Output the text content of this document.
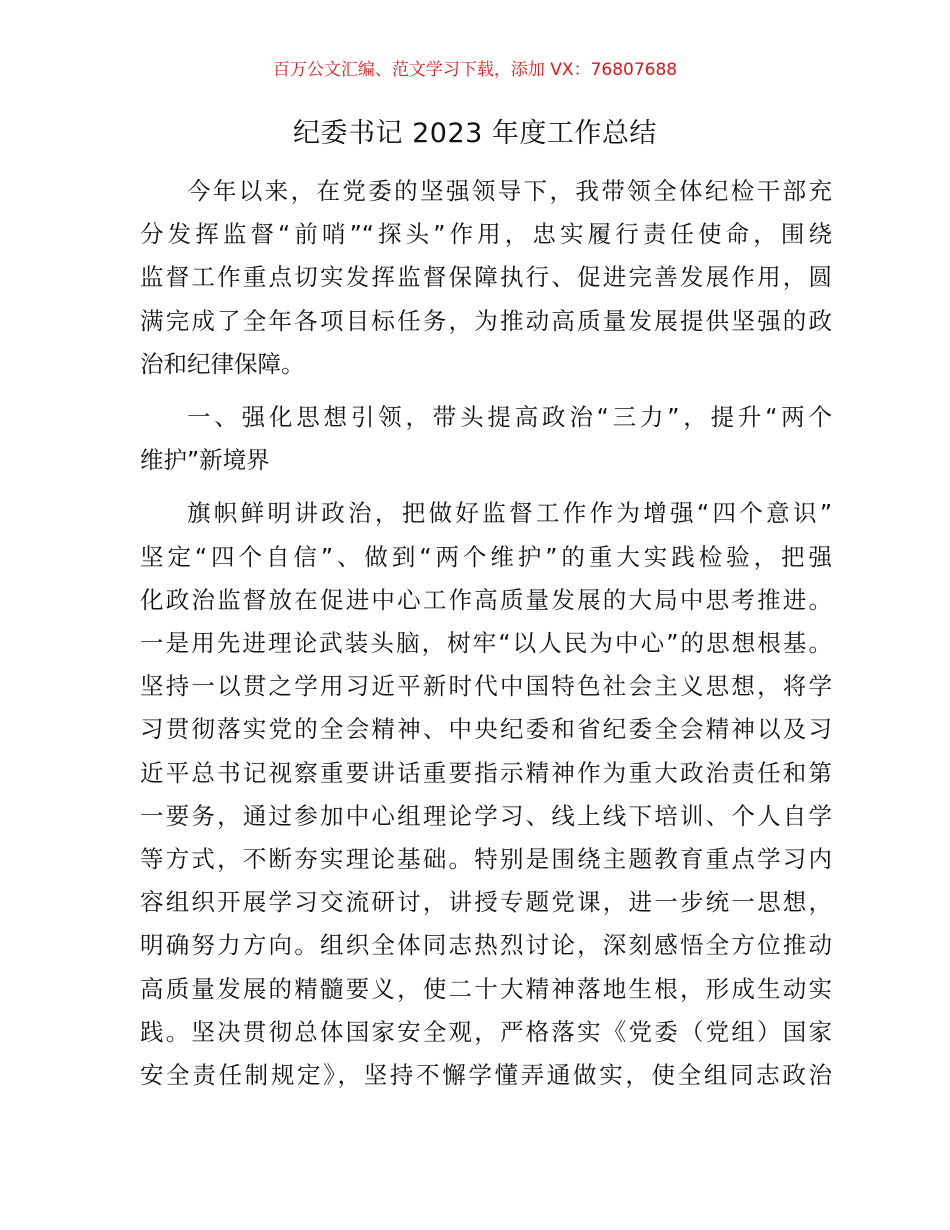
百万公文汇编、范文学习下载，添加 VX：76807688
纪委书记 2023 年度工作总结

今年以来，在党委的坚强领导下，我带领全体纪检干部充
分发挥监督“前哨”“探头”作用，忠实履行责任使命，围绕
监督工作重点切实发挥监督保障执行、促进完善发展作用，圆
满完成了全年各项目标任务，为推动高质量发展提供坚强的政
治和纪律保障。

一、强化思想引领，带头提高政治“三力”，提升“两个
维护”新境界

旗帜鲜明讲政治，把做好监督工作作为增强“四个意识”
坚定“四个自信”、做到“两个维护”的重大实践检验，把强
化政治监督放在促进中心工作高质量发展的大局中思考推进。
一是用先进理论武装头脑，树牢“以人民为中心”的思想根基。
坚持一以贯之学用习近平新时代中国特色社会主义思想，将学
习贯彻落实党的全会精神、中央纪委和省纪委全会精神以及习
近平总书记视察重要讲话重要指示精神作为重大政治责任和第
一要务，通过参加中心组理论学习、线上线下培训、个人自学
等方式，不断夯实理论基础。特别是围绕主题教育重点学习内
容组织开展学习交流研讨，讲授专题党课，进一步统一思想，
明确努力方向。组织全体同志热烈讨论，深刻感悟全方位推动
高质量发展的精髓要义，使二十大精神落地生根，形成生动实
践。坚决贯彻总体国家安全观，严格落实《党委（党组）国家
安全责任制规定》，坚持不懈学懂弄通做实，使全组同志政治
